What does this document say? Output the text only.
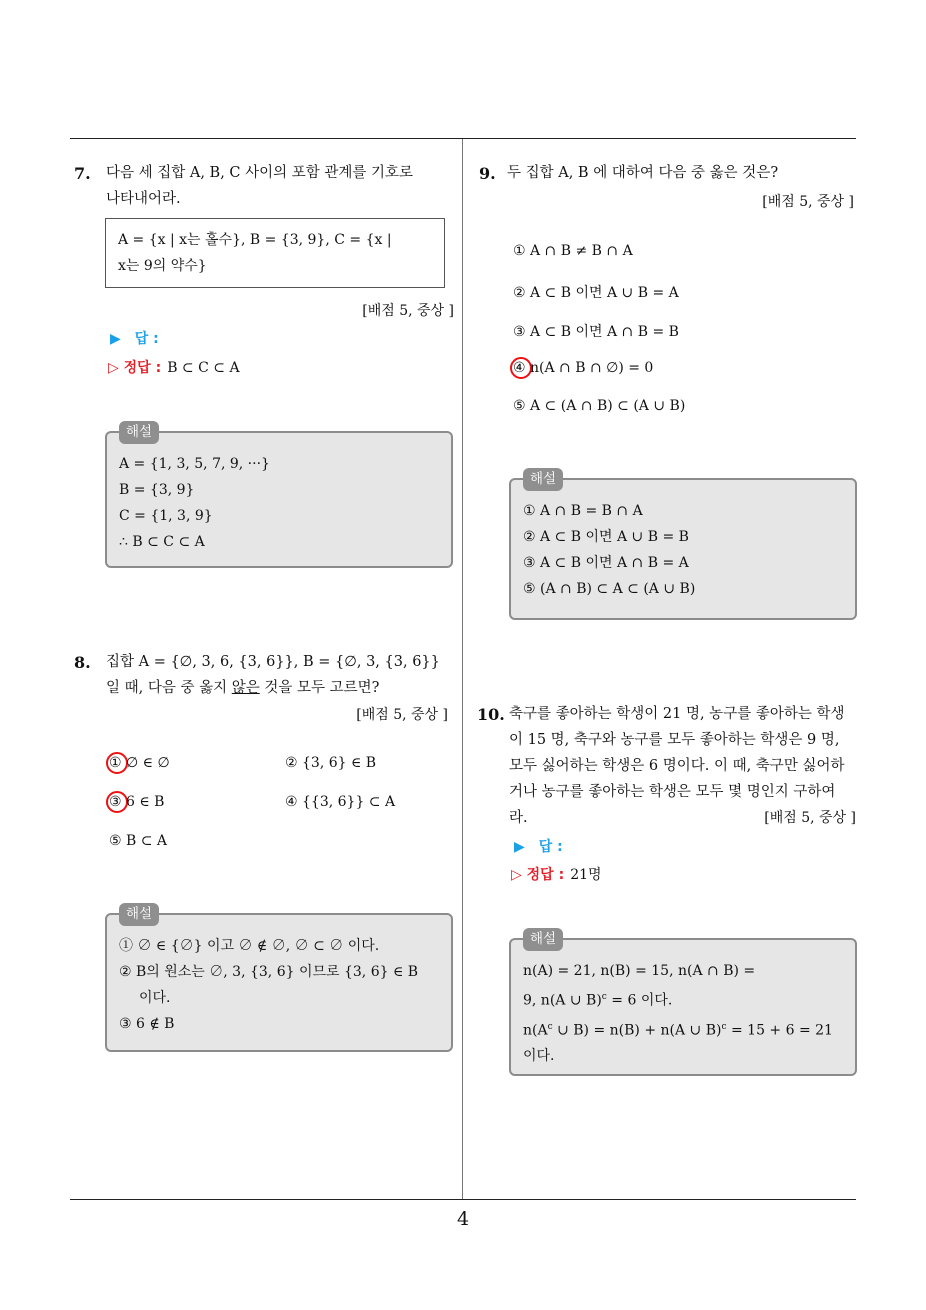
7. 다음 세 집합 A, B, C 사이의 포함 관계를 기호로
나타내어라.
A = {x | x는 홀수}, B = {3, 9}, C = {x |
x는 9의 약수}
[배점 5, 중상 ]
▶ 답 :
▷ 정답 : B ⊂ C ⊂ A
해설
A = {1, 3, 5, 7, 9, ···}
B = {3, 9}
C = {1, 3, 9}
∴ B ⊂ C ⊂ A
8. 집합 A = {∅, 3, 6, {3, 6}}, B = {∅, 3, {3, 6}}
일 때, 다음 중 옳지 않은 것을 모두 고르면?
[배점 5, 중상 ]
① ∅ ∈ ∅	② {3, 6} ∈ B
③ 6 ∈ B	④ {{3, 6}} ⊂ A
⑤ B ⊂ A
해설
① ∅ ∈ {∅} 이고 ∅ ∉ ∅, ∅ ⊂ ∅ 이다.
② B의 원소는 ∅, 3, {3, 6} 이므로 {3, 6} ∈ B
이다.
③ 6 ∉ B
9. 두 집합 A, B 에 대하여 다음 중 옳은 것은?
[배점 5, 중상 ]
① A ∩ B ≠ B ∩ A
② A ⊂ B 이면 A ∪ B = A
③ A ⊂ B 이면 A ∩ B = B
④ n(A ∩ B ∩ ∅) = 0
⑤ A ⊂ (A ∩ B) ⊂ (A ∪ B)
해설
① A ∩ B = B ∩ A
② A ⊂ B 이면 A ∪ B = B
③ A ⊂ B 이면 A ∩ B = A
⑤ (A ∩ B) ⊂ A ⊂ (A ∪ B)
10. 축구를 좋아하는 학생이 21 명, 농구를 좋아하는 학생
이 15 명, 축구와 농구를 모두 좋아하는 학생은 9 명,
모두 싫어하는 학생은 6 명이다. 이 때, 축구만 싫어하
거나 농구를 좋아하는 학생은 모두 몇 명인지 구하여
라.	[배점 5, 중상 ]
▶ 답 :
▷ 정답 : 21명
해설
n(A) = 21, n(B) = 15, n(A ∩ B) =
9, n(A ∪ B)$^c$ = 6 이다.
$n(A^c$ ∪ B) = n(B) + n(A ∪ B)$^c$ = 15 + 6 = 21
이다.
4
